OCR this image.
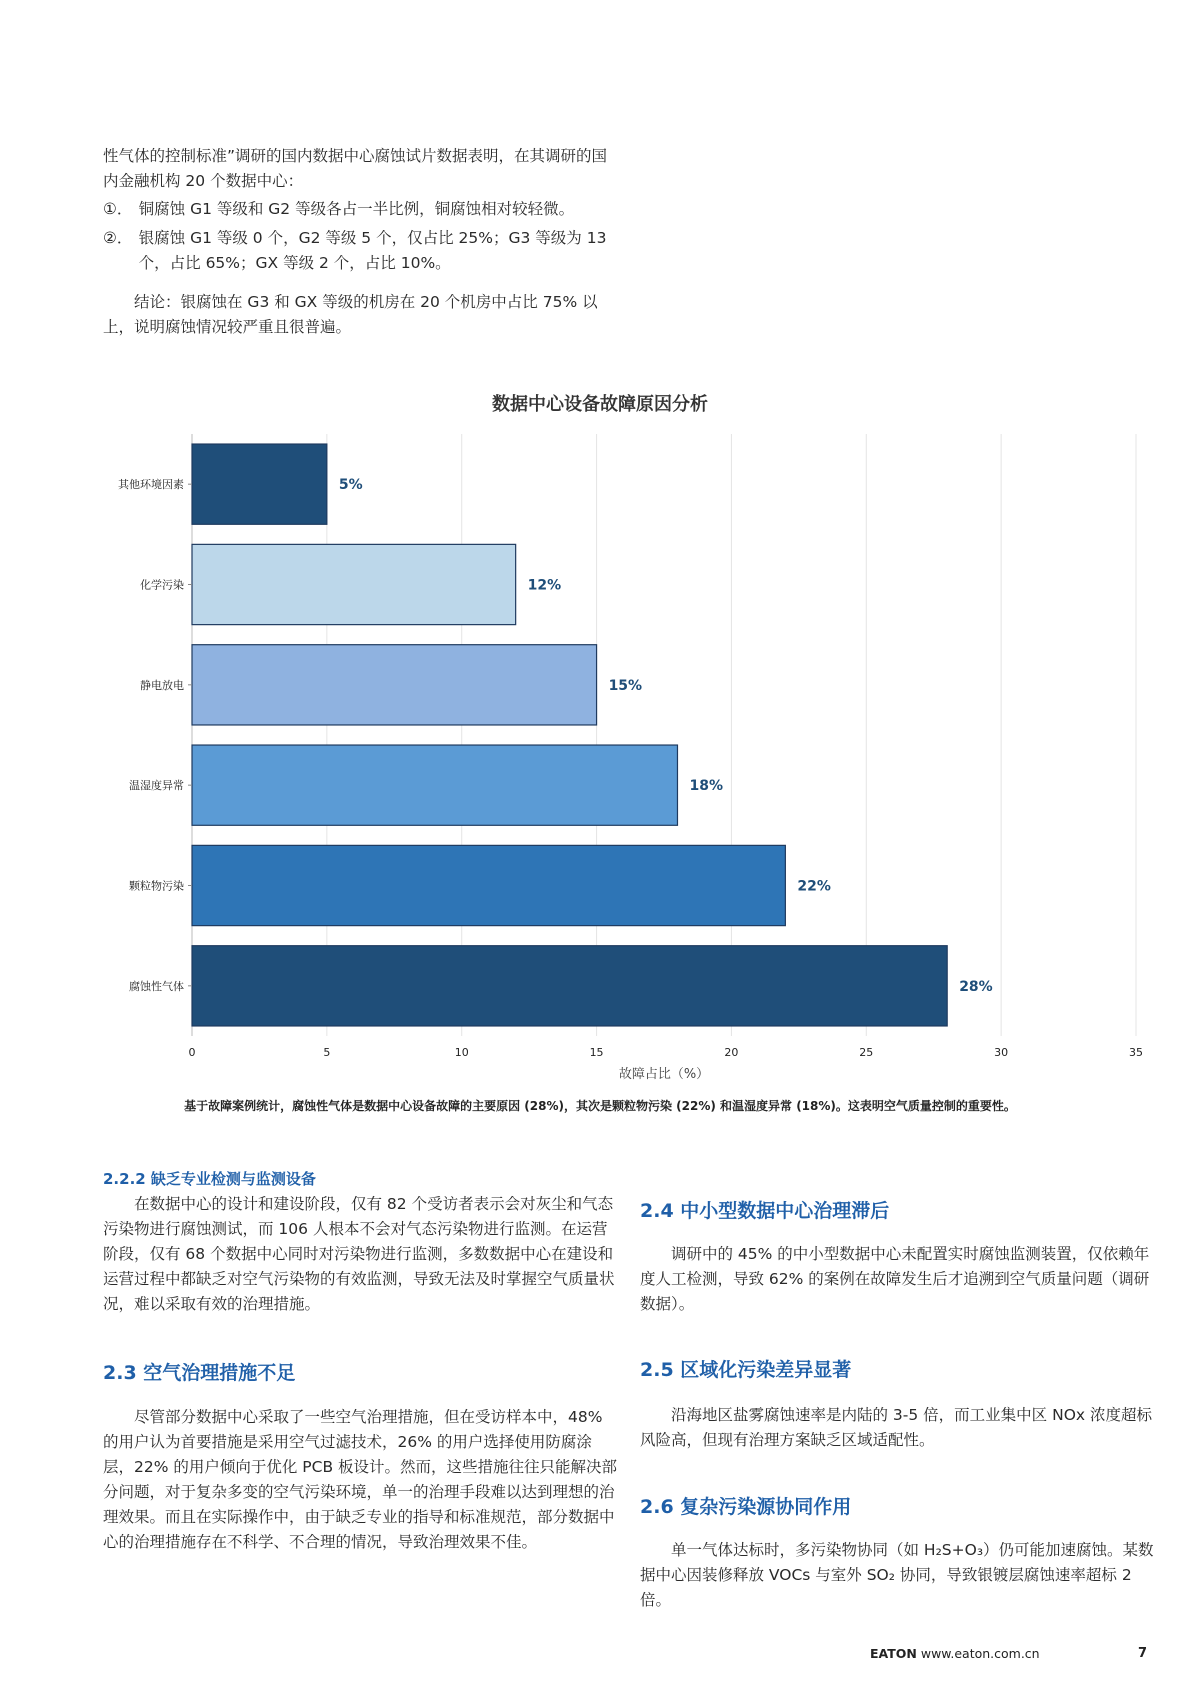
性气体的控制标准”调研的国内数据中心腐蚀试片数据表明，在其调研的国内金融机构 20 个数据中心：

①． 铜腐蚀 G1 等级和 G2 等级各占一半比例，铜腐蚀相对较轻微。
②． 银腐蚀 G1 等级 0 个，G2 等级 5 个，仅占比 25%；G3 等级为 13 个，占比 65%；GX 等级 2 个，占比 10%。

结论：银腐蚀在 G3 和 GX 等级的机房在 20 个机房中占比 75% 以上，说明腐蚀情况较严重且很普遍。

数据中心设备故障原因分析
5%
其他环境因素
12%
化学污染
15%
静电放电
18%
温湿度异常
22%
颗粒物污染
28%
腐蚀性气体
0	5	10	15	20	25	30	35
故障占比（%）
基于故障案例统计，腐蚀性气体是数据中心设备故障的主要原因 (28%)，其次是颗粒物污染 (22%) 和温湿度异常 (18%)。这表明空气质量控制的重要性。
2.2.2 缺乏专业检测与监测设备

在数据中心的设计和建设阶段，仅有 82 个受访者表示会对灰尘和气态污染物进行腐蚀测试，而 106 人根本不会对气态污染物进行监测。在运营阶段，仅有 68 个数据中心同时对污染物进行监测，多数数据中心在建设和运营过程中都缺乏对空气污染物的有效监测，导致无法及时掌握空气质量状况，难以采取有效的治理措施。

2.3 空气治理措施不足

尽管部分数据中心采取了一些空气治理措施，但在受访样本中，48% 的用户认为首要措施是采用空气过滤技术，26% 的用户选择使用防腐涂层，22% 的用户倾向于优化 PCB 板设计。然而，这些措施往往只能解决部分问题，对于复杂多变的空气污染环境，单一的治理手段难以达到理想的治理效果。而且在实际操作中，由于缺乏专业的指导和标准规范，部分数据中心的治理措施存在不科学、不合理的情况，导致治理效果不佳。

2.4 中小型数据中心治理滞后

调研中的 45% 的中小型数据中心未配置实时腐蚀监测装置，仅依赖年度人工检测，导致 62% 的案例在故障发生后才追溯到空气质量问题（调研数据）。

2.5 区域化污染差异显著

沿海地区盐雾腐蚀速率是内陆的 3-5 倍，而工业集中区 NOx 浓度超标风险高，但现有治理方案缺乏区域适配性。

2.6 复杂污染源协同作用

单一气体达标时，多污染物协同（如 H₂S+O₃）仍可能加速腐蚀。某数据中心因装修释放 VOCs 与室外 SO₂ 协同，导致银镀层腐蚀速率超标 2 倍。

EATON www.eaton.com.cn	7
